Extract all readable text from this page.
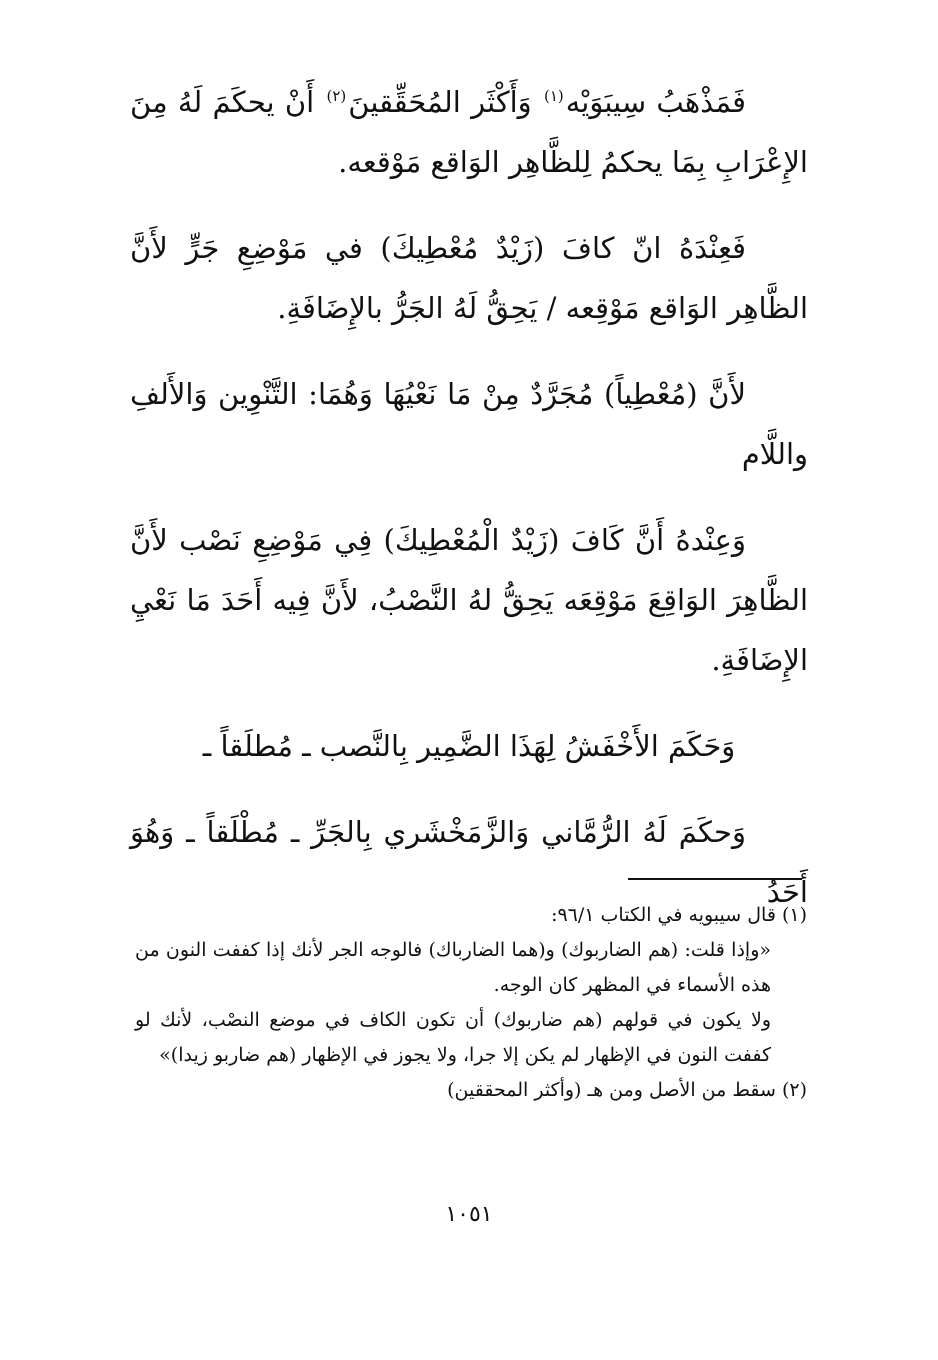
فَمَذْهَبُ سِيبَوَيْه$^{(١)}$ وَأَكْثَر المُحَقِّقينَ$^{(٢)}$ أَنْ يحكَمَ لَهُ مِنَ الإِعْرَابِ بِمَا يحكمُ لِلظَّاهِر الوَاقع مَوْقعه.

فَعِنْدَهُ انّ كافَ (زَيْدٌ مُعْطِيكَ) في مَوْضِعِ جَرٍّ لأَنَّ الظَّاهِر الوَاقع مَوْقِعه / يَحِقُّ لَهُ الجَرُّ بالإِضَافَةِ.

لأَنَّ (مُعْطِياً) مُجَرَّدٌ مِنْ مَا نَعْيُهَا وَهُمَا: التَّنْوِين وَالأَلفِ واللَّام

وَعِنْدهُ أَنَّ كَافَ (زَيْدٌ الْمُعْطِيكَ) فِي مَوْضِعِ نَصْب لأَنَّ الظَّاهِرَ الوَاقِعَ مَوْقِعَه يَحِقُّ لهُ النَّصْبُ، لأَنَّ فِيه أَحَدَ مَا نَعْيِ الإِضَافَةِ.

وَحَكَمَ الأَخْفَشُ لِهَذَا الضَّمِير بِالنَّصب ـ مُطلَقاً ـ

وَحكَمَ لَهُ الرُّمَّاني وَالزَّمَخْشَري بِالجَرِّ ـ مُطْلَقاً ـ وَهُوَ أَحَدُ

(١) قال سيبويه في الكتاب ٩٦/١:

«وإذا قلت: (هم الضاربوك) و(هما الضارباك) فالوجه الجر لأنك إذا كففت النون من هذه الأسماء في المظهر كان الوجه.

ولا يكون في قولهم (هم ضاربوك) أن تكون الكاف في موضع النصْب، لأنك لو كففت النون في الإظهار لم يكن إلا جرا، ولا يجوز في الإظهار (هم ضاربو زيدا)»

(٢) سقط من الأصل ومن هـ (وأكثر المحققين)

١٠٥١
